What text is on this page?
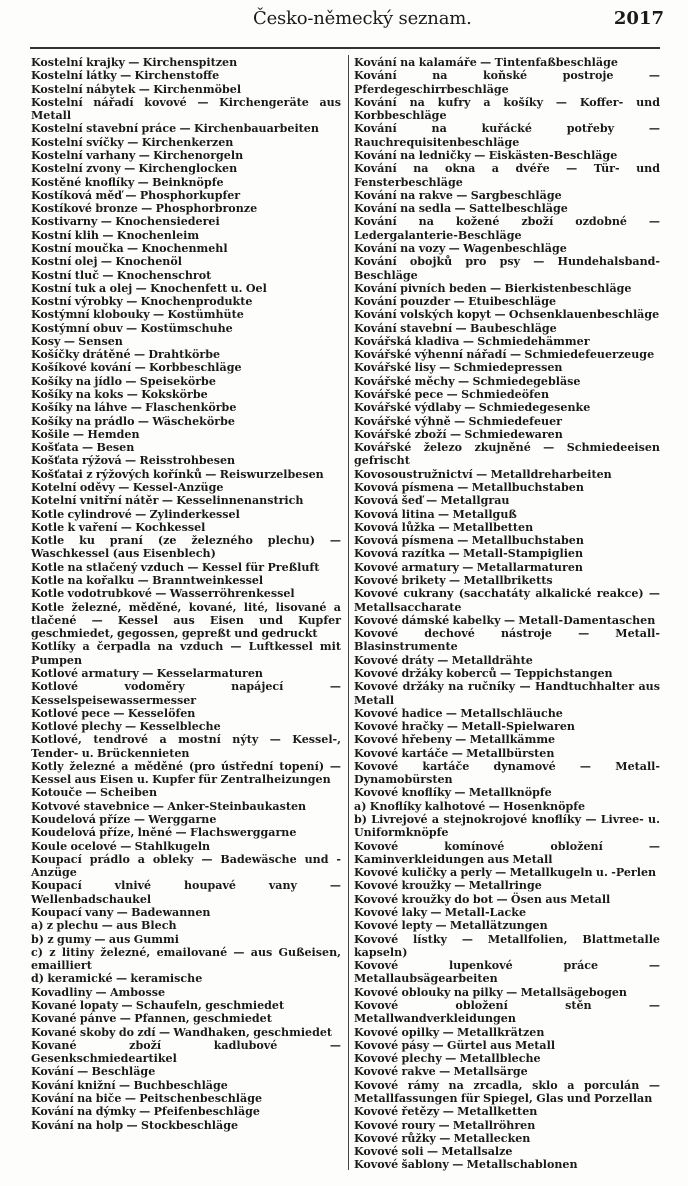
Česko-německý seznam.	2017
Kostelní krajky — Kirchenspitzen
Kostelní látky — Kirchenstoffe
Kostelní nábytek — Kirchenmöbel
Kostelní nářadí kovové — Kirchengeräte aus Metall
Kostelní stavební práce — Kirchenbauarbeiten
Kostelní svíčky — Kirchenkerzen
Kostelní varhany — Kirchenorgeln
Kostelní zvony — Kirchenglocken
Kostěné knoflíky — Beinknöpfe
Kostíková měď — Phosphorkupfer
Kostíkové bronze — Phosphorbronze
Kostivarny — Knochensiederei
Kostní klih — Knochenleim
Kostní moučka — Knochenmehl
Kostní olej — Knochenöl
Kostní tluč — Knochenschrot
Kostní tuk a olej — Knochenfett u. Oel
Kostní výrobky — Knochenprodukte
Kostýmní klobouky — Kostümhüte
Kostýmní obuv — Kostümschuhe
Kosy — Sensen
Košíčky drátěné — Drahtkörbe
Košíkové kování — Korbbeschläge
Košíky na jídlo — Speisekörbe
Košíky na koks — Kokskörbe
Košíky na láhve — Flaschenkörbe
Košíky na prádlo — Wäschekörbe
Košile — Hemden
Košťata — Besen
Košťata rýžová — Reisstrohbesen
Košťatai z rýžových kořínků — Reiswurzelbesen
Kotelní oděvy — Kessel-Anzüge
Kotelní vnitřní nátěr — Kesselinnenanstrich
Kotle cylindrové — Zylinderkessel
Kotle k vaření — Kochkessel
Kotle ku praní (ze železného plechu) — Waschkessel (aus Eisenblech)
Kotle na stlačený vzduch — Kessel für Preßluft
Kotle na kořalku — Branntweinkessel
Kotle vodotrubkové — Wasserröhrenkessel
Kotle železné, měděné, kované, lité, lisované a tlačené — Kessel aus Eisen und Kupfer geschmiedet, gegossen, gepreßt und gedruckt
Kotlíky a čerpadla na vzduch — Luftkessel mit Pumpen
Kotlové armatury — Kesselarmaturen
Kotlové vodoměry napájecí — Kesselspeisewassermesser
Kotlové pece — Kesselöfen
Kotlové plechy — Kesselbleche
Kotlové, tendrové a mostní nýty — Kessel-, Tender- u. Brückennieten
Kotly železné a měděné (pro ústřední topení) — Kessel aus Eisen u. Kupfer für Zentralheizungen
Kotouče — Scheiben
Kotvové stavebnice — Anker-Steinbaukasten
Koudelová příze — Werggarne
Koudelová příze, lněné — Flachswerggarne
Koule ocelové — Stahlkugeln
Koupací prádlo a obleky — Badewäsche und -Anzüge
Koupací vlnivé houpavé vany — Wellenbadschaukel
Koupací vany — Badewannen
a) z plechu — aus Blech
b) z gumy — aus Gummi
c) z litiny železné, emailované — aus Gußeisen, emailliert
d) keramické — keramische
Kovadliny — Ambosse
Kované lopaty — Schaufeln, geschmiedet
Kované pánve — Pfannen, geschmiedet
Kované skoby do zdí — Wandhaken, geschmiedet
Kované zboží kadlubové — Gesenkschmiedeartikel
Kování — Beschläge
Kování knižní — Buchbeschläge
Kování na biče — Peitschenbeschläge
Kování na dýmky — Pfeifenbeschläge
Kování na holp — Stockbeschläge
Kování na kalamáře — Tintenfaßbeschläge
Kování na koňské postroje — Pferdegeschirrbeschläge
Kování na kufry a košíky — Koffer- und Korbbeschläge
Kování na kuřácké potřeby — Rauchrequisitenbeschläge
Kování na ledničky — Eiskästen-Beschläge
Kování na okna a dvéře — Tür- und Fensterbeschläge
Kování na rakve — Sargbeschläge
Kování na sedla — Sattelbeschläge
Kování na kožené zboží ozdobné — Ledergalanterie-Beschläge
Kování na vozy — Wagenbeschläge
Kování obojků pro psy — Hundehalsband-Beschläge
Kování pivních beden — Bierkistenbeschläge
Kování pouzder — Etuibeschläge
Kování volských kopyt — Ochsenklauenbeschläge
Kování stavební — Baubeschläge
Kovářská kladiva — Schmiedehämmer
Kovářské výhenní nářadí — Schmiedefeuerzeuge
Kovářské lisy — Schmiedepressen
Kovářské měchy — Schmiedegebläse
Kovářské pece — Schmiedeöfen
Kovářské výdlaby — Schmiedegesenke
Kovářské výhně — Schmiedefeuer
Kovářské zboží — Schmiedewaren
Kovářské železo zkujněné — Schmiedeeisen gefrischt
Kovosoustružnictví — Metalldreharbeiten
Kovová písmena — Metallbuchstaben
Kovová šeď — Metallgrau
Kovová litina — Metallguß
Kovová lůžka — Metallbetten
Kovová písmena — Metallbuchstaben
Kovová razítka — Metall-Stampiglien
Kovové armatury — Metallarmaturen
Kovové brikety — Metallbriketts
Kovové cukrany (sacchatáty alkalické reakce) — Metallsaccharate
Kovové dámské kabelky — Metall-Damentaschen
Kovové dechové nástroje — Metall-Blasinstrumente
Kovové dráty — Metalldrähte
Kovové držáky koberců — Teppichstangen
Kovové držáky na ručníky — Handtuchhalter aus Metall
Kovové hadice — Metallschläuche
Kovové hračky — Metall-Spielwaren
Kovové hřebeny — Metallkämme
Kovové kartáče — Metallbürsten
Kovové kartáče dynamové — Metall-Dynamobürsten
Kovové knoflíky — Metallknöpfe
a) Knoflíky kalhotové — Hosenknöpfe
b) Livrejové a stejnokrojové knoflíky — Livree- u. Uniformknöpfe
Kovové komínové obložení — Kaminverkleidungen aus Metall
Kovové kuličky a perly — Metallkugeln u. -Perlen
Kovové kroužky — Metallringe
Kovové kroužky do bot — Ösen aus Metall
Kovové laky — Metall-Lacke
Kovové lepty — Metallätzungen
Kovové lístky — Metallfolien, Blattmetalle kapseln)
Kovové lupenkové práce — Metallaubsägearbeiten
Kovové oblouky na pilky — Metallsägebogen
Kovové obložení stěn — Metallwandverkleidungen
Kovové opilky — Metallkrätzen
Kovové pásy — Gürtel aus Metall
Kovové plechy — Metallbleche
Kovové rakve — Metallsärge
Kovové rámy na zrcadla, sklo a porculán — Metallfassungen für Spiegel, Glas und Porzellan
Kovové řetězy — Metallketten
Kovové roury — Metallröhren
Kovové růžky — Metallecken
Kovové soli — Metallsalze
Kovové šablony — Metallschablonen
